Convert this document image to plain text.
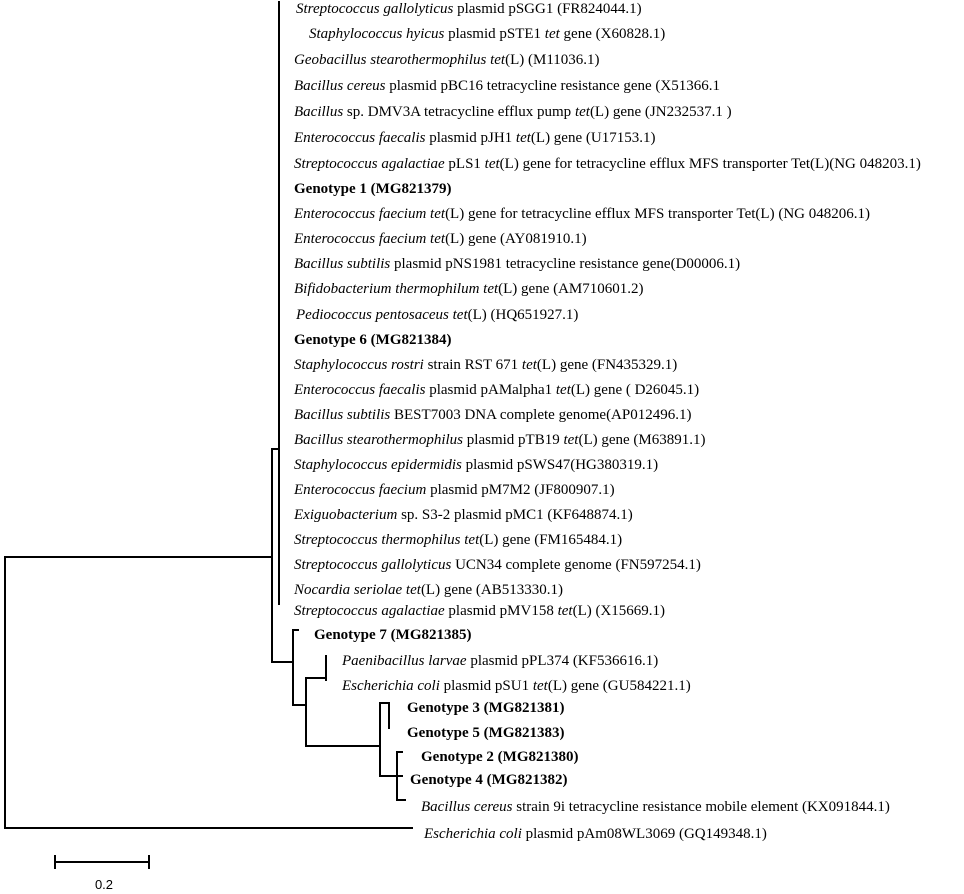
Streptococcus gallolyticus plasmid pSGG1 (FR824044.1)
Staphylococcus hyicus plasmid pSTE1 tet gene (X60828.1)
Geobacillus stearothermophilus tet(L) (M11036.1)
Bacillus cereus plasmid pBC16 tetracycline resistance gene (X51366.1
Bacillus sp. DMV3A tetracycline efflux pump tet(L) gene (JN232537.1 )
Enterococcus faecalis plasmid pJH1 tet(L) gene (U17153.1)
Streptococcus agalactiae pLS1 tet(L) gene for tetracycline efflux MFS transporter Tet(L)(NG 048203.1)
Genotype 1 (MG821379)
Enterococcus faecium tet(L) gene for tetracycline efflux MFS transporter Tet(L) (NG 048206.1)
Enterococcus faecium tet(L) gene (AY081910.1)
Bacillus subtilis plasmid pNS1981 tetracycline resistance gene(D00006.1)
Bifidobacterium thermophilum tet(L) gene (AM710601.2)
Pediococcus pentosaceus tet(L) (HQ651927.1)
Genotype 6 (MG821384)
Staphylococcus rostri strain RST 671 tet(L) gene (FN435329.1)
Enterococcus faecalis plasmid pAMalpha1 tet(L) gene ( D26045.1)
Bacillus subtilis BEST7003 DNA complete genome(AP012496.1)
Bacillus stearothermophilus plasmid pTB19 tet(L) gene (M63891.1)
Staphylococcus epidermidis plasmid pSWS47(HG380319.1)
Enterococcus faecium plasmid pM7M2 (JF800907.1)
Exiguobacterium sp. S3-2 plasmid pMC1 (KF648874.1)
Streptococcus thermophilus tet(L) gene (FM165484.1)
Streptococcus gallolyticus UCN34 complete genome (FN597254.1)
Nocardia seriolae tet(L) gene (AB513330.1)
Streptococcus agalactiae plasmid pMV158 tet(L) (X15669.1)
Genotype 7 (MG821385)
Paenibacillus larvae plasmid pPL374 (KF536616.1)
Escherichia coli plasmid pSU1 tet(L) gene (GU584221.1)
Genotype 3 (MG821381)
Genotype 5 (MG821383)
Genotype 2 (MG821380)
Genotype 4 (MG821382)
Bacillus cereus strain 9i tetracycline resistance mobile element (KX091844.1)
Escherichia coli plasmid pAm08WL3069 (GQ149348.1)
0.2
